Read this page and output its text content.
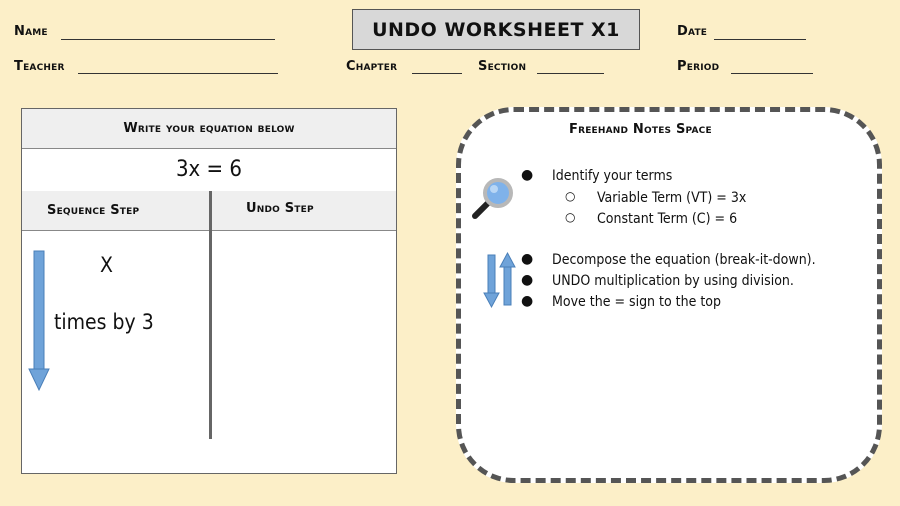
Name	UNDO WORKSHEET X1	Date
Teacher	Chapter	Section	Period
Write your equation below
3x = 6
Sequence Step	Undo Step
X
times by 3
Freehand Notes Space
● Identify your terms
○ Variable Term (VT) = 3x
○ Constant Term (C) = 6
● Decompose the equation (break-it-down).
● UNDO multiplication by using division.
● Move the = sign to the top
